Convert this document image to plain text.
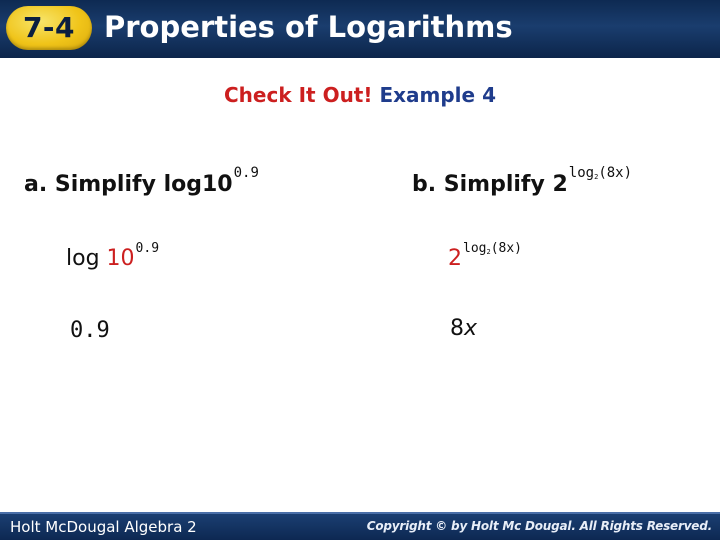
7-4 Properties of Logarithms
Check It Out! Example 4
a. Simplify $\log 10^{0.9}$	b. Simplify $2^{log2(8x)}$
$\log 10^{0.9}$	$2^{log2(8x)}$
0.9	8x
Holt McDougal Algebra 2	Copyright © by Holt Mc Dougal. All Rights Reserved.
